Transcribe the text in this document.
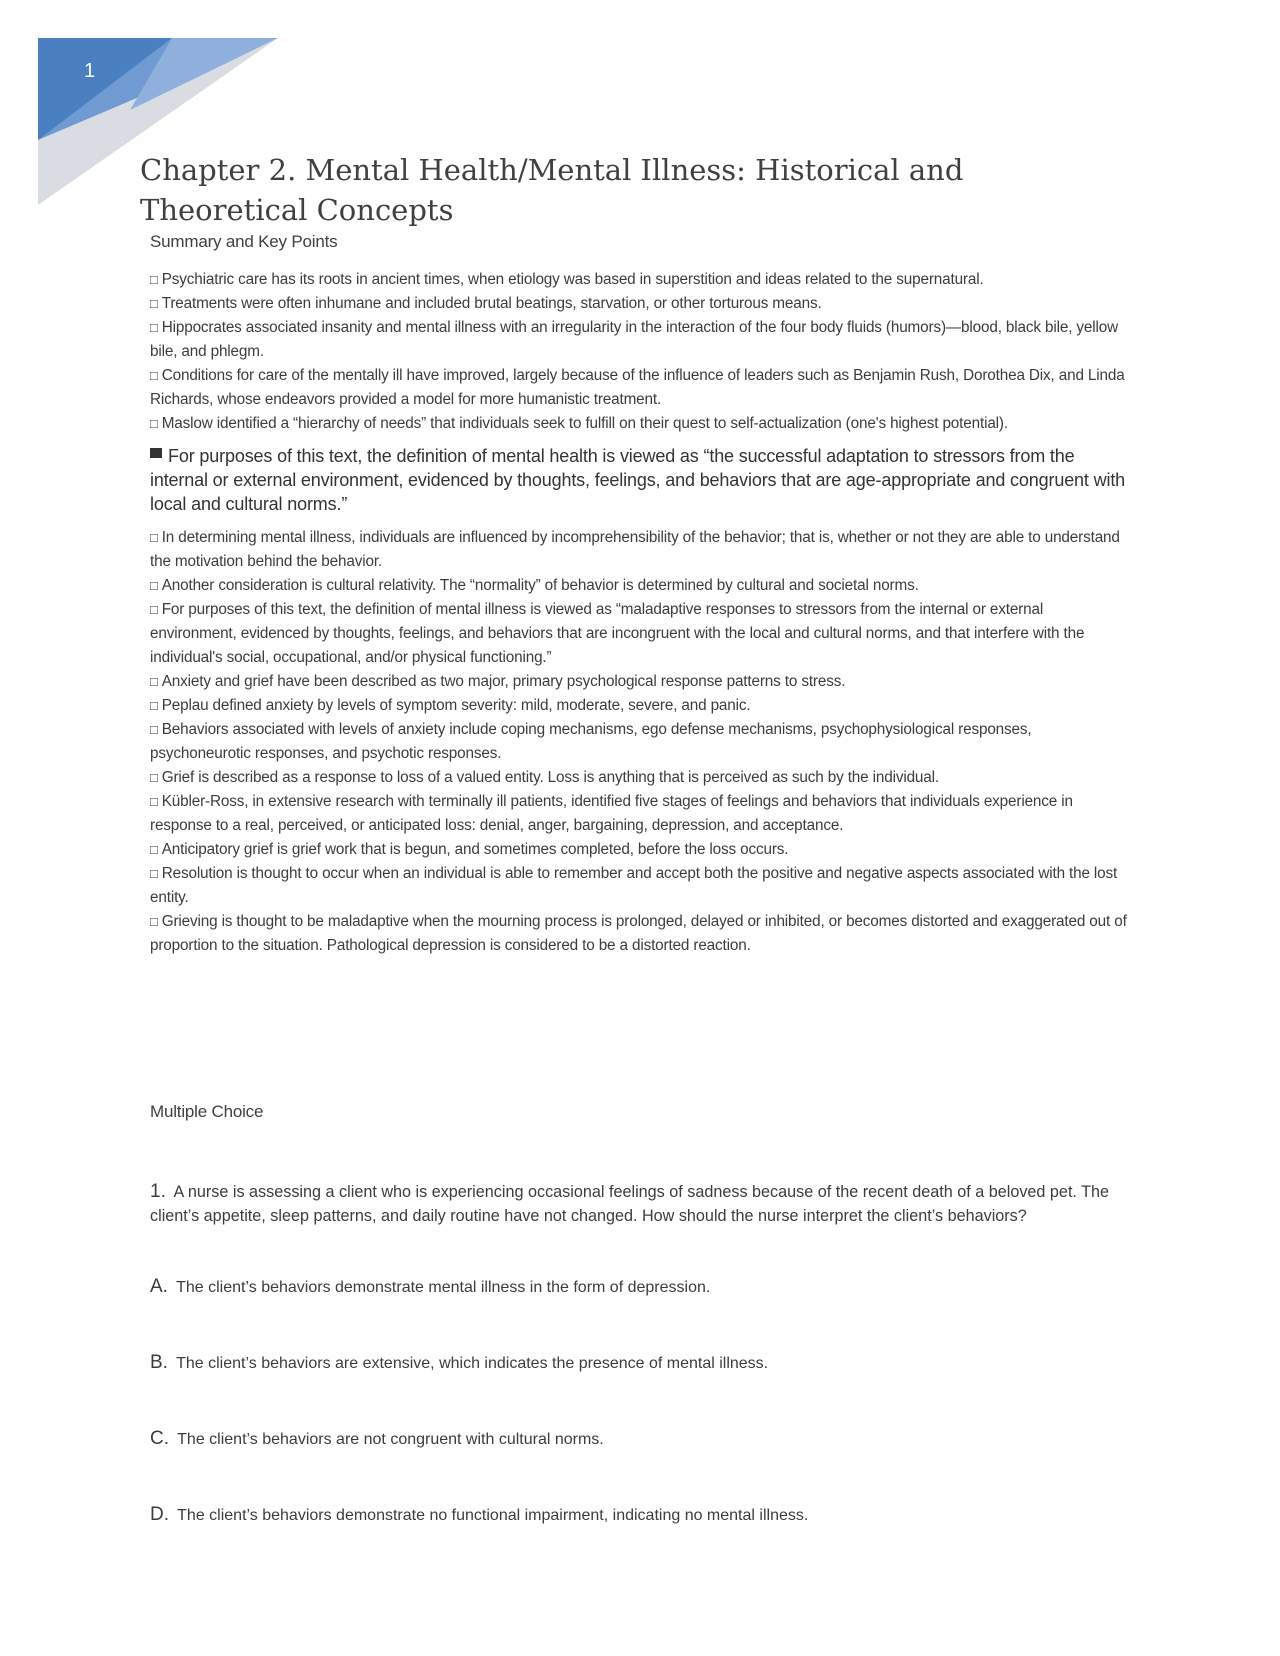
1
Chapter 2. Mental Health/Mental Illness: Historical and Theoretical Concepts
Summary and Key Points

□ Psychiatric care has its roots in ancient times, when etiology was based in superstition and ideas related to the supernatural.

□ Treatments were often inhumane and included brutal beatings, starvation, or other torturous means.

□ Hippocrates associated insanity and mental illness with an irregularity in the interaction of the four body fluids (humors)—blood, black bile, yellow bile, and phlegm.

□ Conditions for care of the mentally ill have improved, largely because of the influence of leaders such as Benjamin Rush, Dorothea Dix, and Linda Richards, whose endeavors provided a model for more humanistic treatment.

□ Maslow identified a “hierarchy of needs” that individuals seek to fulfill on their quest to self-actualization (one's highest potential).

For purposes of this text, the definition of mental health is viewed as “the successful adaptation to stressors from the internal or external environment, evidenced by thoughts, feelings, and behaviors that are age-appropriate and congruent with local and cultural norms.”

□ In determining mental illness, individuals are influenced by incomprehensibility of the behavior; that is, whether or not they are able to understand the motivation behind the behavior.

□ Another consideration is cultural relativity. The “normality” of behavior is determined by cultural and societal norms.

□ For purposes of this text, the definition of mental illness is viewed as “maladaptive responses to stressors from the internal or external environment, evidenced by thoughts, feelings, and behaviors that are incongruent with the local and cultural norms, and that interfere with the individual's social, occupational, and/or physical functioning.”

□ Anxiety and grief have been described as two major, primary psychological response patterns to stress.

□ Peplau defined anxiety by levels of symptom severity: mild, moderate, severe, and panic.

□ Behaviors associated with levels of anxiety include coping mechanisms, ego defense mechanisms, psychophysiological responses, psychoneurotic responses, and psychotic responses.

□ Grief is described as a response to loss of a valued entity. Loss is anything that is perceived as such by the individual.

□ Kübler-Ross, in extensive research with terminally ill patients, identified five stages of feelings and behaviors that individuals experience in response to a real, perceived, or anticipated loss: denial, anger, bargaining, depression, and acceptance.

□ Anticipatory grief is grief work that is begun, and sometimes completed, before the loss occurs.

□ Resolution is thought to occur when an individual is able to remember and accept both the positive and negative aspects associated with the lost entity.

□ Grieving is thought to be maladaptive when the mourning process is prolonged, delayed or inhibited, or becomes distorted and exaggerated out of proportion to the situation. Pathological depression is considered to be a distorted reaction.

Multiple Choice
1. A nurse is assessing a client who is experiencing occasional feelings of sadness because of the recent death of a beloved pet. The client’s appetite, sleep patterns, and daily routine have not changed. How should the nurse interpret the client’s behaviors?
A. The client’s behaviors demonstrate mental illness in the form of depression.
B. The client’s behaviors are extensive, which indicates the presence of mental illness.
C. The client’s behaviors are not congruent with cultural norms.
D. The client’s behaviors demonstrate no functional impairment, indicating no mental illness.
